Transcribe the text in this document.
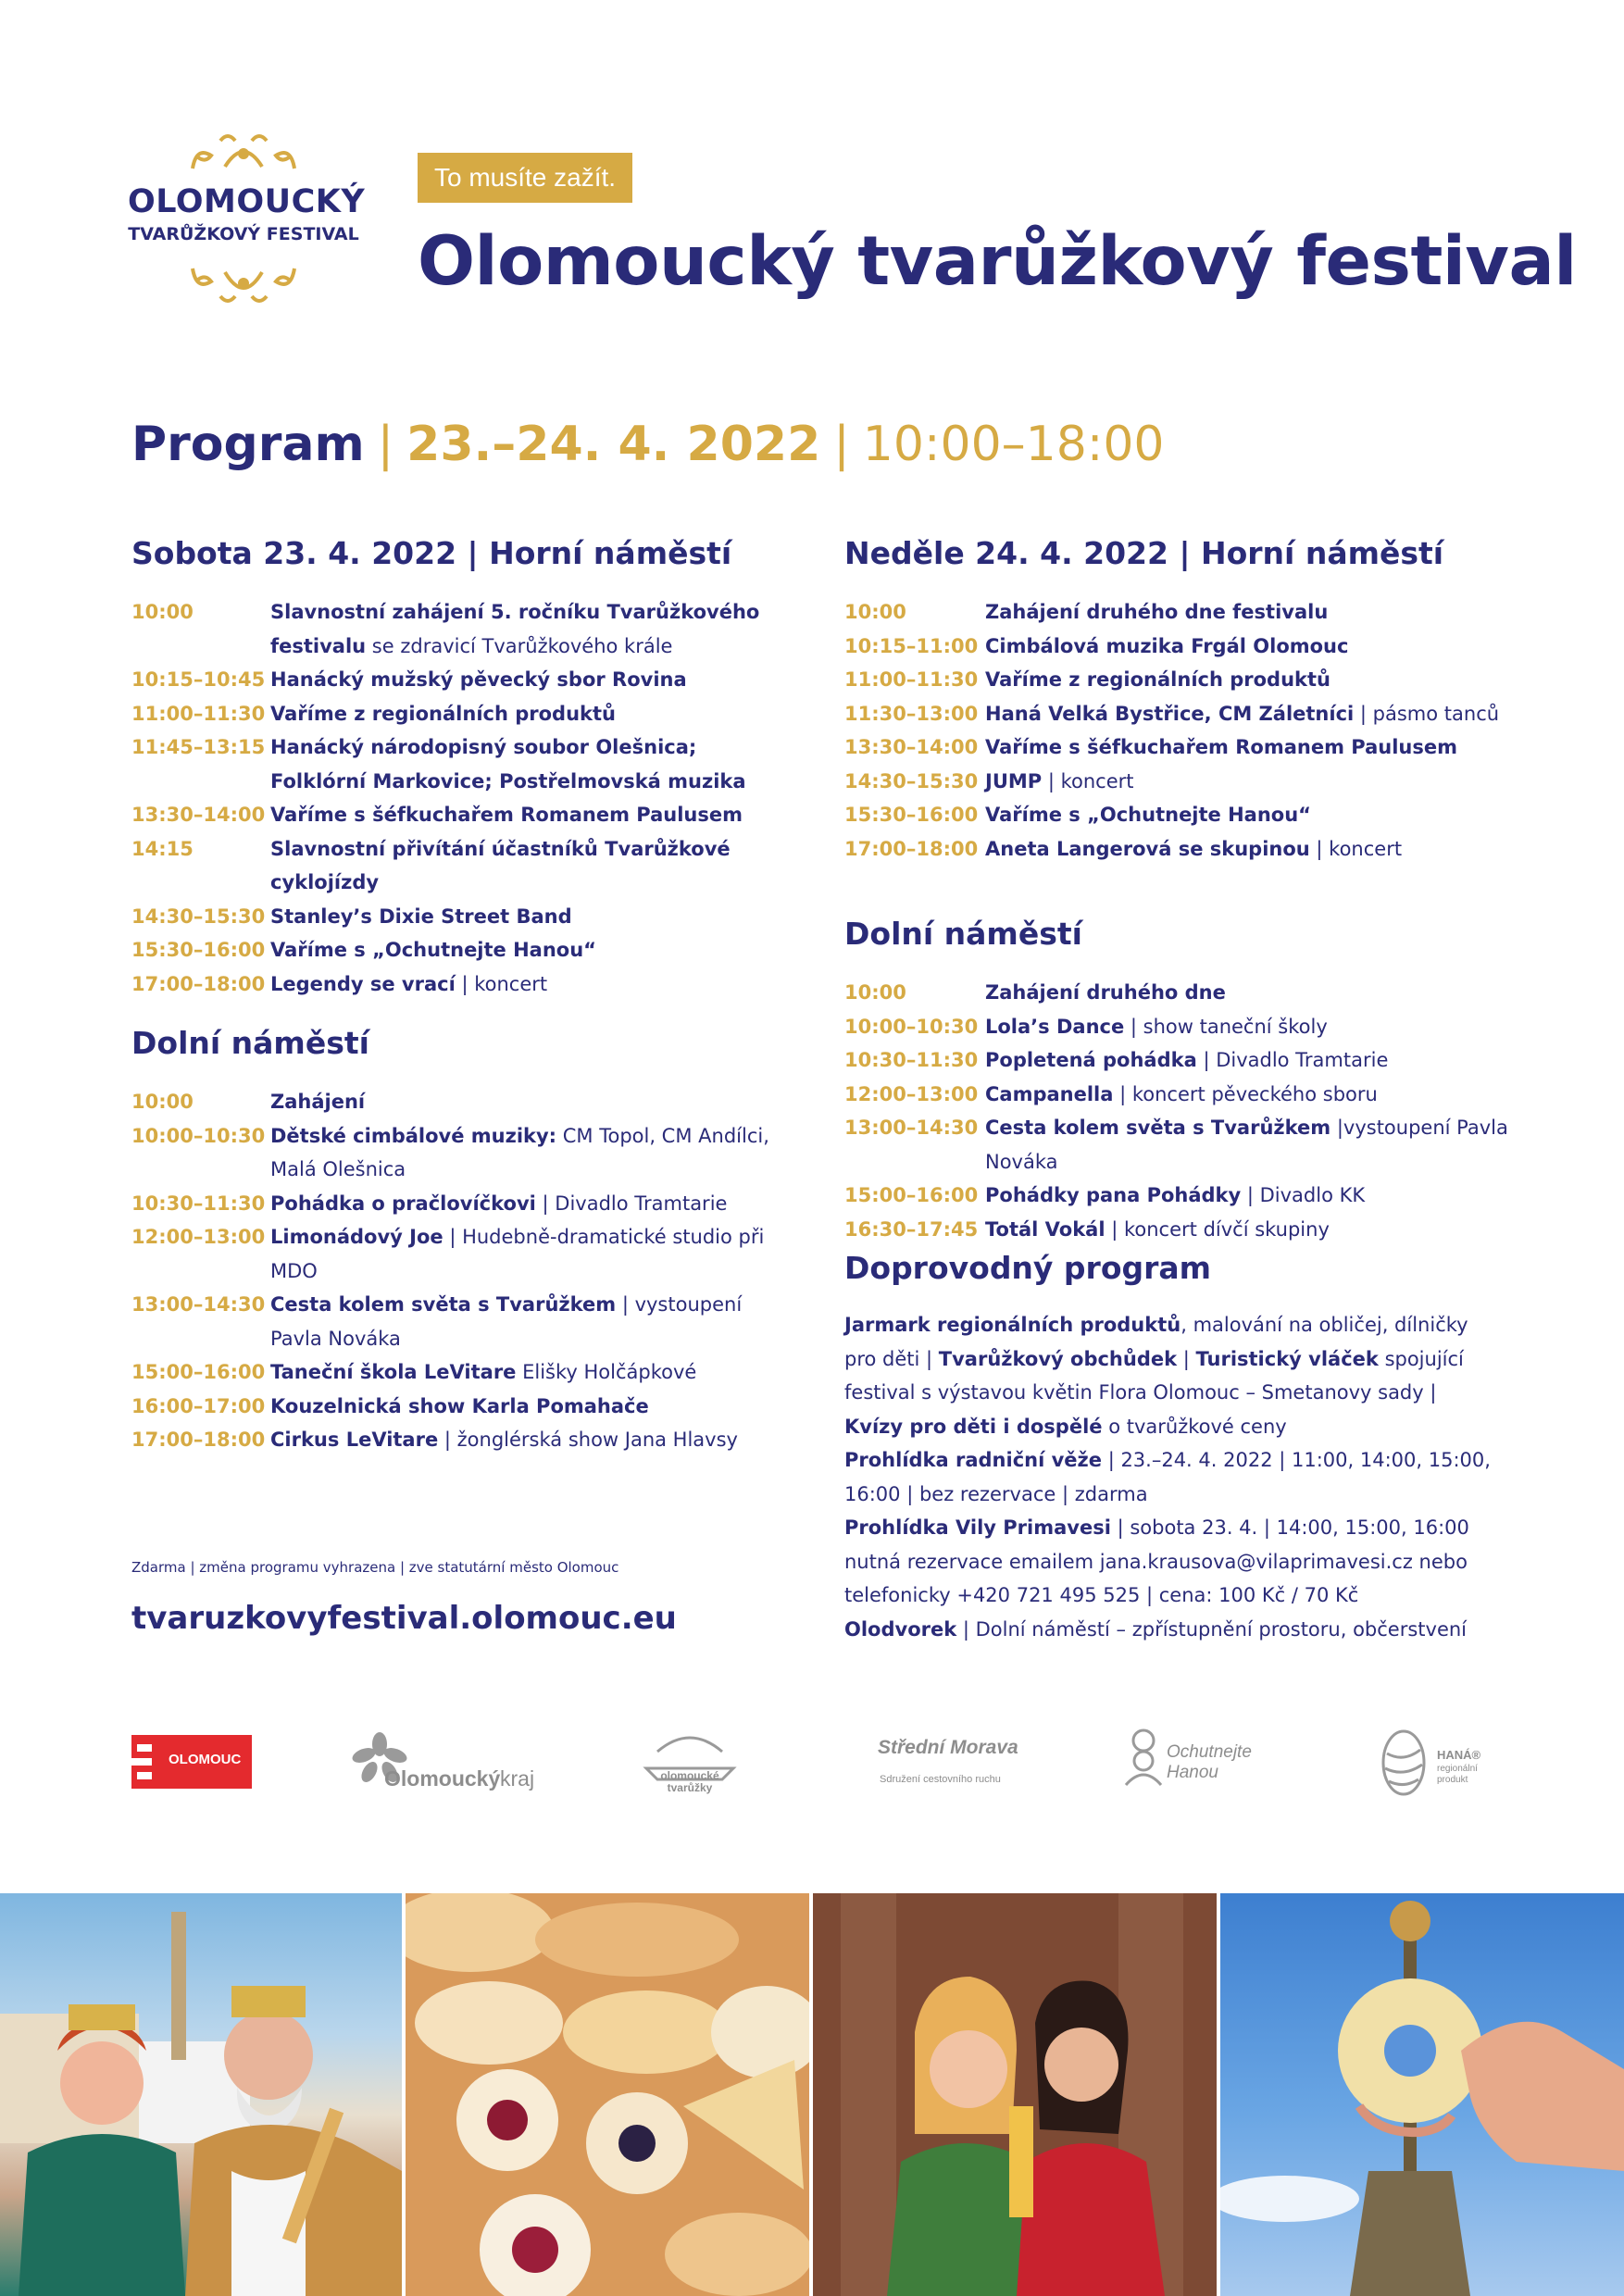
OLOMOUCKÝ
TVARŮŽKOVÝ FESTIVAL
To musíte zažít.
Olomoucký tvarůžkový festival
Program | 23.–24. 4. 2022 | 10:00–18:00
Sobota 23. 4. 2022 | Horní náměstí
10:00	Slavnostní zahájení 5. ročníku Tvarůžkového festivalu se zdravicí Tvarůžkového krále
10:15–10:45 Hanácký mužský pěvecký sbor Rovina
11:00–11:30 Vaříme z regionálních produktů
11:45–13:15 Hanácký národopisný soubor Olešnica; Folklórní Markovice; Postřelmovská muzika
13:30–14:00 Vaříme s šéfkuchařem Romanem Paulusem
14:15	Slavnostní přivítání účastníků Tvarůžkové cyklojízdy
14:30–15:30 Stanley’s Dixie Street Band
15:30–16:00 Vaříme s „Ochutnejte Hanou“
17:00–18:00 Legendy se vrací | koncert
Dolní náměstí
10:00	Zahájení
10:00–10:30 Dětské cimbálové muziky: CM Topol, CM Andílci, Malá Olešnica
10:30–11:30 Pohádka o pračlovíčkovi | Divadlo Tramtarie
12:00–13:00 Limonádový Joe | Hudebně-dramatické studio při MDO
13:00–14:30 Cesta kolem světa s Tvarůžkem | vystoupení Pavla Nováka
15:00–16:00 Taneční škola LeVitare Elišky Holčápkové
16:00–17:00 Kouzelnická show Karla Pomahače
17:00–18:00 Cirkus LeVitare | žonglérská show Jana Hlavsy
Neděle 24. 4. 2022 | Horní náměstí
10:00	Zahájení druhého dne festivalu
10:15–11:00 Cimbálová muzika Frgál Olomouc
11:00–11:30 Vaříme z regionálních produktů
11:30–13:00 Haná Velká Bystřice, CM Záletníci | pásmo tanců
13:30–14:00 Vaříme s šéfkuchařem Romanem Paulusem
14:30–15:30 JUMP | koncert
15:30–16:00 Vaříme s „Ochutnejte Hanou“
17:00–18:00 Aneta Langerová se skupinou | koncert
Dolní náměstí
10:00	Zahájení druhého dne
10:00–10:30 Lola’s Dance | show taneční školy
10:30–11:30 Popletená pohádka | Divadlo Tramtarie
12:00–13:00 Campanella | koncert pěveckého sboru
13:00–14:30 Cesta kolem světa s Tvarůžkem |vystoupení Pavla Nováka
15:00–16:00 Pohádky pana Pohádky | Divadlo KK
16:30–17:45 Totál Vokál | koncert dívčí skupiny
Doprovodný program
Jarmark regionálních produktů, malování na obličej, dílničky pro děti | Tvarůžkový obchůdek | Turistický vláček spojující festival s výstavou květin Flora Olomouc – Smetanovy sady | Kvízy pro děti i dospělé o tvarůžkové ceny
Prohlídka radniční věže | 23.–24. 4. 2022 | 11:00, 14:00, 15:00, 16:00 | bez rezervace | zdarma
Prohlídka Vily Primavesi | sobota 23. 4. | 14:00, 15:00, 16:00 nutná rezervace emailem jana.krausova@vilaprimavesi.cz nebo telefonicky +420 721 495 525 | cena: 100 Kč / 70 Kč
Olodvorek | Dolní náměstí – zpřístupnění prostoru, občerstvení
Zdarma | změna programu vyhrazena | zve statutární město Olomouc
tvaruzkovyfestival.olomouc.eu
OLOMOUC
Olomoucký kraj	olomoucké tvarůžky
Střední Morava
Sdružení cestovního ruchu
Ochutnejte Hanou
HANÁ®
regionální produkt
